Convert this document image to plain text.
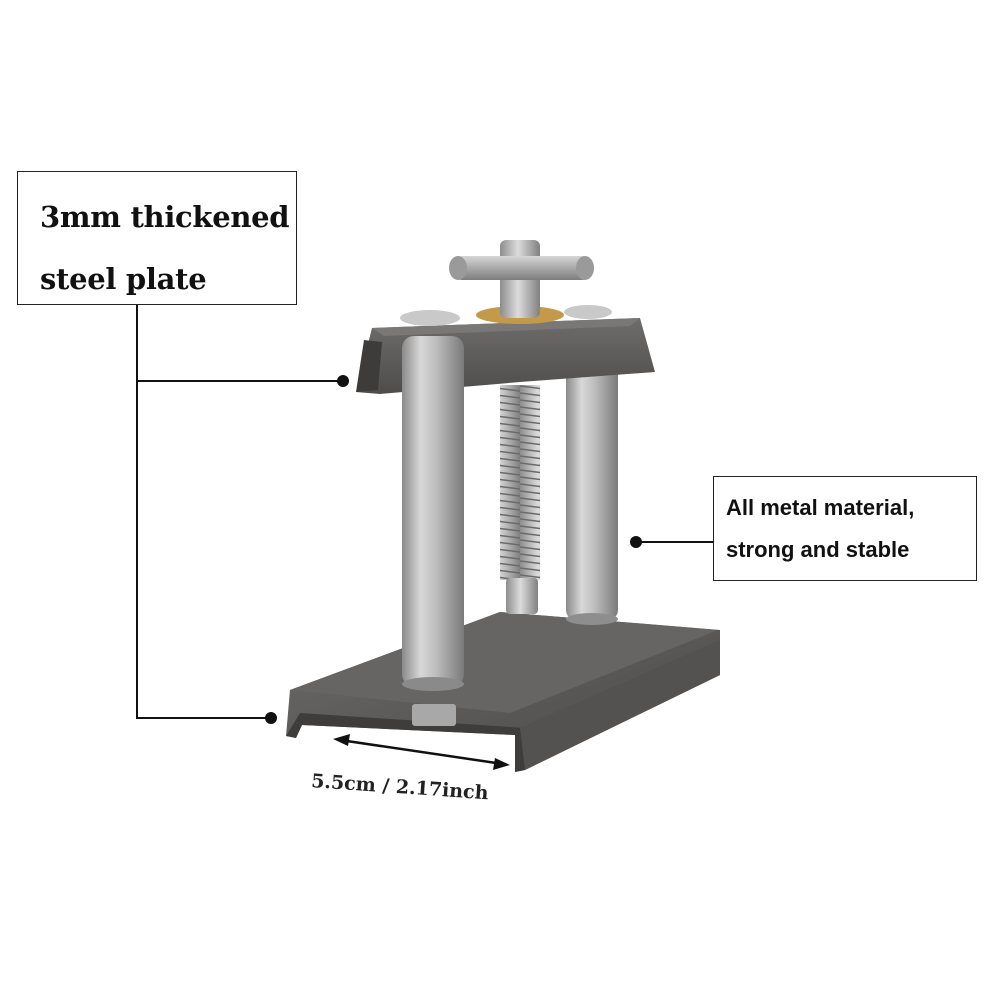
3mm thickened
steel plate
All metal material,
strong and stable
5.5cm / 2.17inch
